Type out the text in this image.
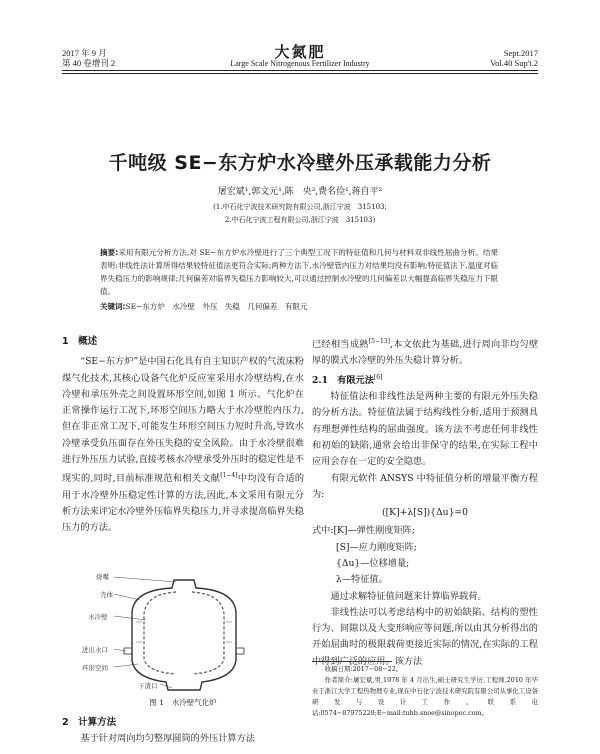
2017 年 9 月
第 40 卷增刊 2
大氮肥
Large Scale Nitrogenous Fertilizer Industry
Sept.2017
Vol.40 Sup't.2
千吨级 SE−东方炉水冷壁外压承载能力分析
屠宏斌¹,郭文元¹,陈　央²,费名俭¹,蒋自平²
(1.中石化宁波技术研究院有限公司,浙江宁波　315103;
2.中石化宁波工程有限公司,浙江宁波　315103)
摘要:采用有限元分析方法,对 SE−东方炉水冷壁进行了三个典型工况下的特征值和几何与材料双非线性屈曲分析。结果表明:非线性法计算所得结果较特征值法更符合实际;两种方法下,水冷壁管内压力对结果均没有影响;特征值法下,温度对临界失稳压力的影响规律;几何偏差对临界失稳压力影响较大,可以通过控制水冷壁的几何偏差以大幅提高临界失稳压力下限值。
关键词:SE−东方炉　水冷壁　外压　失稳　几何偏差　有限元
1　概述
“SE−东方炉”是中国石化具有自主知识产权的气流床粉煤气化技术,其核心设备气化炉反应室采用水冷壁结构,在水冷壁和承压外壳之间设置环形空间,如图 1 所示。气化炉在正常操作运行工况下,环形空间压力略大于水冷壁腔内压力,但在非正常工况下,可能发生环形空间压力短时升高,导致水冷壁承受负压面存在外压失稳的安全风险。由于水冷壁很难进行外压压力试验,直接考核水冷壁承受外压时的稳定性是不现实的,同时,目前标准规范和相关文献[1−4]中均没有合适的用于水冷壁外压稳定性计算的方法,因此,本文采用有限元分析方法来评定水冷壁外压临界失稳压力,并寻求提高临界失稳压力的方法。
烧嘴
壳体
水冷壁
进出水口
环形空间
下渣口
图 1　水冷壁气化炉
2　计算方法
基于针对周向均匀整厚圆筒的外压计算方法
已经相当成熟[5−13],本文依此为基础,进行周向非均匀壁厚的膜式水冷壁的外压失稳计算分析。
2.1　有限元法[6]
特征值法和非线性法是两种主要的有限元外压失稳的分析方法。特征值法属于结构线性分析,适用于预测具有理想弹性结构的屈曲强度。该方法不考虑任何非线性和初始的缺陷,通常会给出非保守的结果,在实际工程中应用会存在一定的安全隐患。
有限元软件 ANSYS 中特征值分析的增量平衡方程为:
([K]+λ[S]){Δu}=0
式中:[K]—弹性刚度矩阵;
[S]—应力刚度矩阵;
{Δu}—位移增量;
λ—特征值。
通过求解特征值问题来计算临界载荷。
非线性法可以考虑结构中的初始缺陷、结构的塑性行为、间隙以及大变形响应等问题,所以由其分析得出的开始屈曲时的极限载荷更接近实际的情况,在实际的工程中得到广泛的应用。该方法
收稿日期:2017−08−22。
作者简介:屠宏斌,男,1978 年 4 月出生,硕士研究生学历,工程师,2010 年毕业于浙江大学工程热物理专业,现在中石化宁波技术研究院有限公司从事化工设备研发与设计工作。联系电话:0574−87975229;E−mail:tuhb.snoe@sinopec.com。
